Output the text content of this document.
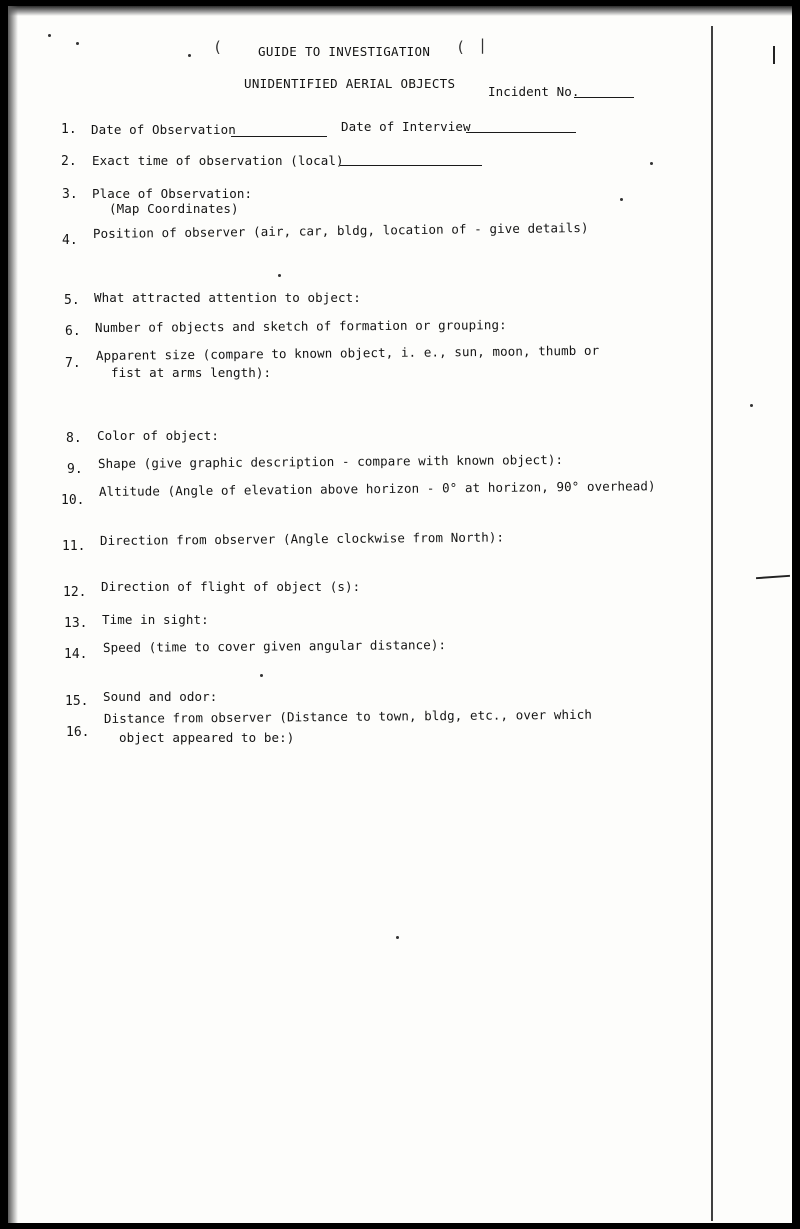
(	( |
GUIDE TO INVESTIGATION
UNIDENTIFIED AERIAL OBJECTS
Incident No.
1. Date of Observation	Date of Interview
2. Exact time of observation (local)
3. Place of Observation:
(Map Coordinates)
4. Position of observer (air, car, bldg, location of - give details)
5. What attracted attention to object:
6. Number of objects and sketch of formation or grouping:
7.
Apparent size (compare to known object, i. e., sun, moon, thumb or
fist at arms length):
8. Color of object:
9. Shape (give graphic description - compare with known object):
10.
Altitude (Angle of elevation above horizon - 0° at horizon, 90° overhead)
11. Direction from observer (Angle clockwise from North):
12. Direction of flight of object (s):
13. Time in sight:
14. Speed (time to cover given angular distance):
15. Sound and odor:
16.
Distance from observer (Distance to town, bldg, etc., over which
object appeared to be:)
